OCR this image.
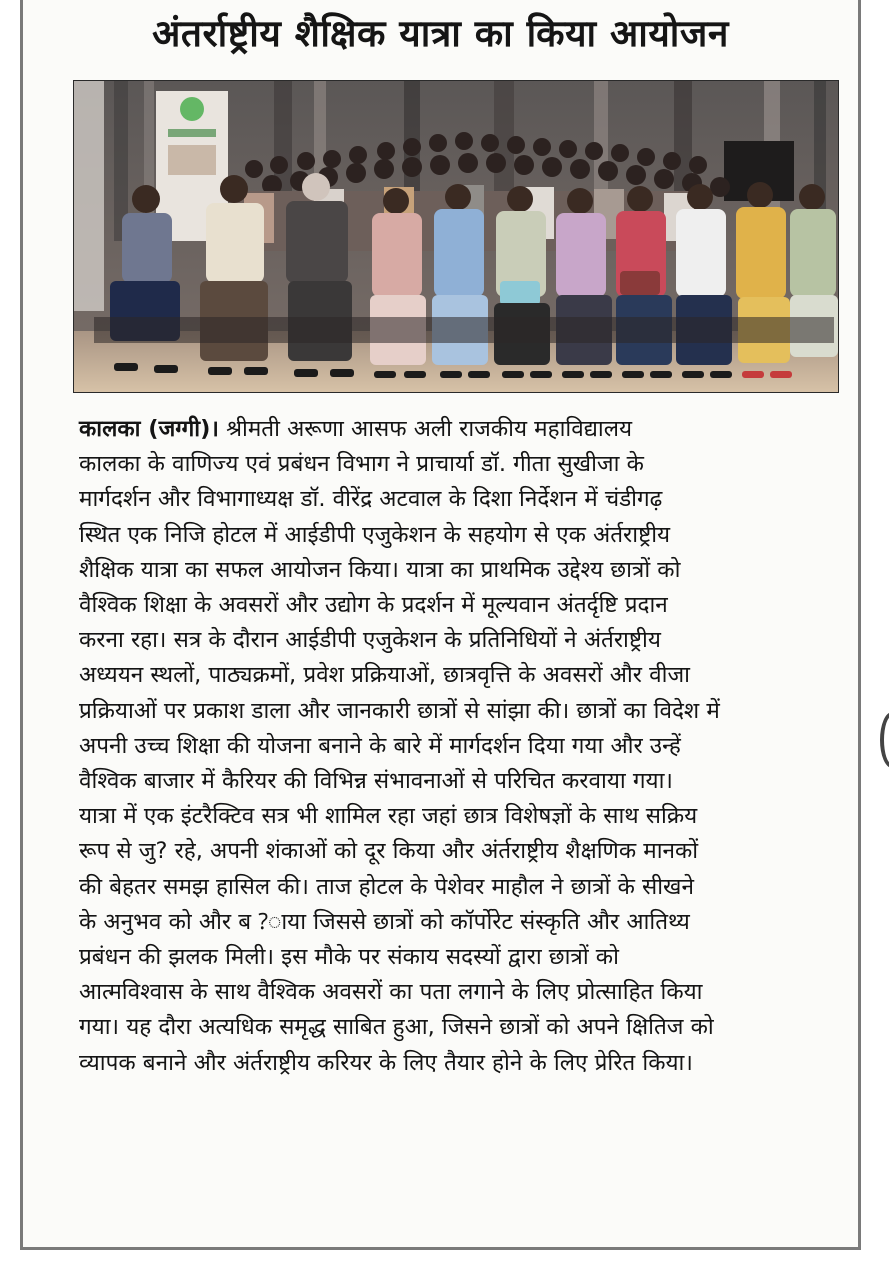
अंतर्राष्ट्रीय शैक्षिक यात्रा का किया आयोजन
कालका (जग्गी)। श्रीमती अरूणा आसफ अली राजकीय महाविद्यालय
कालका के वाणिज्य एवं प्रबंधन विभाग ने प्राचार्या डॉ. गीता सुखीजा के
मार्गदर्शन और विभागाध्यक्ष डॉ. वीरेंद्र अटवाल के दिशा निर्देशन में चंडीगढ़
स्थित एक निजि होटल में आईडीपी एजुकेशन के सहयोग से एक अंर्तराष्ट्रीय
शैक्षिक यात्रा का सफल आयोजन किया। यात्रा का प्राथमिक उद्देश्य छात्रों को
वैश्विक शिक्षा के अवसरों और उद्योग के प्रदर्शन में मूल्यवान अंतर्दृष्टि प्रदान
करना रहा। सत्र के दौरान आईडीपी एजुकेशन के प्रतिनिधियों ने अंर्तराष्ट्रीय
अध्ययन स्थलों, पाठ्यक्रमों, प्रवेश प्रक्रियाओं, छात्रवृत्ति के अवसरों और वीजा
प्रक्रियाओं पर प्रकाश डाला और जानकारी छात्रों से सांझा की। छात्रों का विदेश में
अपनी उच्च शिक्षा की योजना बनाने के बारे में मार्गदर्शन दिया गया और उन्हें
वैश्विक बाजार में कैरियर की विभिन्न संभावनाओं से परिचित करवाया गया।
यात्रा में एक इंटरैक्टिव सत्र भी शामिल रहा जहां छात्र विशेषज्ञों के साथ सक्रिय
रूप से जु? रहे, अपनी शंकाओं को दूर किया और अंर्तराष्ट्रीय शैक्षणिक मानकों
की बेहतर समझ हासिल की। ताज होटल के पेशेवर माहौल ने छात्रों के सीखने
के अनुभव को और ब ?ाया जिससे छात्रों को कॉर्पोरेट संस्कृति और आतिथ्य
प्रबंधन की झलक मिली। इस मौके पर संकाय सदस्यों द्वारा छात्रों को
आत्मविश्वास के साथ वैश्विक अवसरों का पता लगाने के लिए प्रोत्साहित किया
गया। यह दौरा अत्यधिक समृद्ध साबित हुआ, जिसने छात्रों को अपने क्षितिज को
व्यापक बनाने और अंर्तराष्ट्रीय करियर के लिए तैयार होने के लिए प्रेरित किया।
